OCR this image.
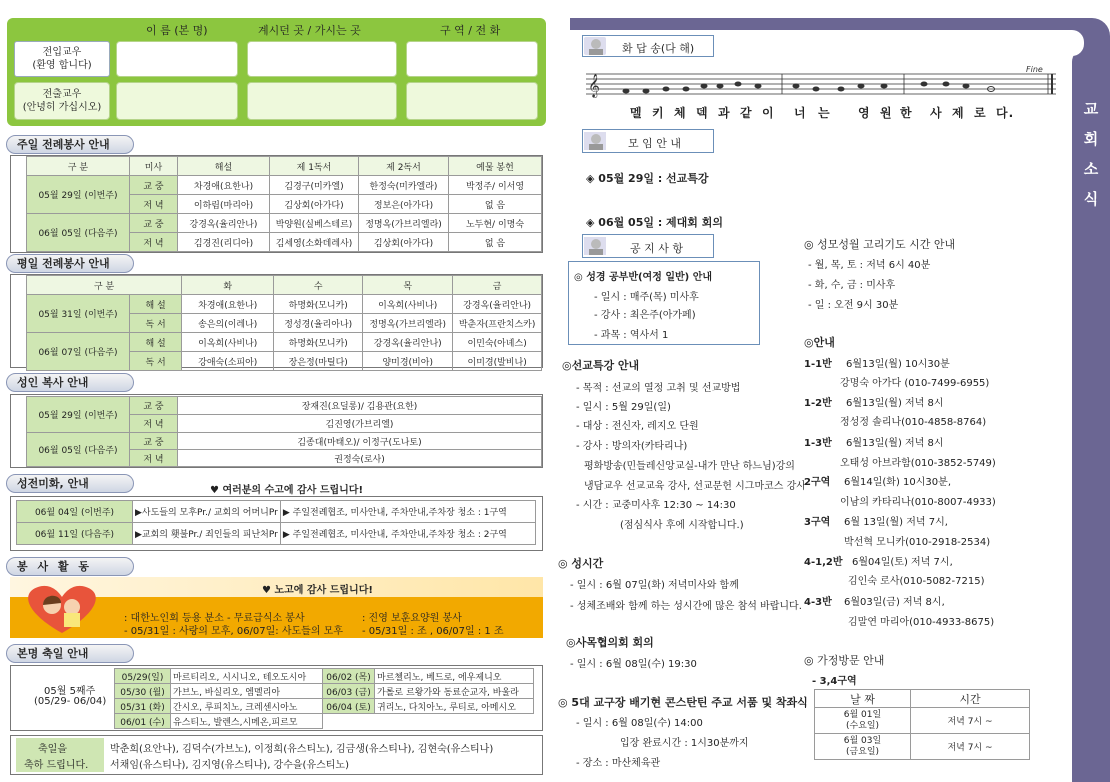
이 름 (본 명)	계시던 곳 / 가시는 곳	구 역 / 전 화
전입교우
(환영 합니다)
전출교우
(안녕히 가십시오)
주일 전례봉사 안내
구 분	미사	해설	제 1독서	제 2독서	예물 봉헌
05월 29일 (이번주)	교 중	차경애(요한나)	김경구(미카엘)	한정숙(미카엘라)	박정주/ 이서영
	저 녁	이하림(마리아)	김상회(아가다)	정보은(아가다)	없 음
06월 05일 (다음주)	교 중	강경옥(율리안나)	박양원(실베스테르)	정명옥(가브리엘라)	노두현/ 이명숙
	저 녁	김경진(리디아)	김세영(소화데레사)	김상회(아가다)	없 음
평일 전례봉사 안내
구 분		화	수	목	금
05월 31일 (이번주)	해 설	차경애(요한나)	하명화(모니카)	이옥희(사비나)	강경옥(율리안나)
	독 서	송은의(이레나)	정성경(율리아나)	정명옥(가브리엘라)	박춘자(프란치스카)
06월 07일 (다음주)	해 설	이옥희(사비나)	하명화(모니카)	강경옥(율리안나)	이민숙(아녜스)
	독 서	강애숙(소피아)	장은정(마틸다)	양미경(비아)	이미경(발비나)
성인 복사 안내
05월 29일 (이번주)	교 중	장재진(요딜롱)/ 김용관(요한)
	저 녁	김진영(가브리엘)
06월 05일 (다음주)	교 중	김종대(마태오)/ 이정구(도나토)
	저 녁	권정숙(로사)
성전미화, 안내
♥ 여러분의 수고에 감사 드립니다!
06월 04일 (이번주)	▶사도들의 모후Pr./ 교회의 어머니Pr	▶ 주일전례협조, 미사안내, 주차안내,주차장 청소 : 1구역
06월 11일 (다음주)	▶교회의 횃불Pr./ 죄인들의 피난처Pr	▶ 주일전례협조, 미사안내, 주차안내,주차장 청소 : 2구역
봉 사 활 동
♥ 노고에 감사 드립니다!
: 대한노인회 등용 분소 - 무료급식소 봉사
- 05/31일 : 사랑의 모후, 06/07일: 사도들의 모후
: 진영 보훈요양원 봉사
- 05/31일 : 조 , 06/07일 : 1 조
본명 축일 안내
05월 5째주
(05/29- 06/04)
05/29(일)	마르티리오, 시시니오, 테오도시아	06/02 (목)	마르첼리노, 베드로, 에우제니오
05/30 (월)	가브노, 바실리오, 엠멜리아	06/03 (금)	가롤로 르왕가와 동료순교자, 바울라
05/31 (화)	간시오, 루피치노, 크레센시아노	06/04 (토)	귀리노, 다치아노, 루티로, 아메시오
06/01 (수)	유스티노, 발렌스,시메온,피르모		
축일을
축하 드립니다.
박춘희(요안나), 김덕수(가브노), 이정희(유스티노), 김금생(유스티나), 김현숙(유스티나)
서채임(유스티나), 김지영(유스티나), 강수을(유스티노)
교
회
소
식
화 답 송(다 해)
𝄞
Fine
멜 키 체 덱 과 같 이 너 는 영 원 한 사 제 로 다.
모 임 안 내
◈ 05월 29일 : 선교특강
◈ 06월 05일 : 제대회 회의
공 지 사 항
◎ 성경 공부반(여정 일반) 안내
- 일시 : 매주(목) 미사후
- 강사 : 최은주(아가페)
- 과목 : 역사서 1
◎선교특강 안내
- 목적 : 선교의 열정 고취 및 선교방법
- 일시 : 5월 29일(일)
- 대상 : 전신자, 레지오 단원
- 강사 : 방의자(카타리나)
평화방송(민들레신앙교실-내가 만난 하느님)강의
냉담교우 선교교육 강사, 선교문헌 시그마코스 강사
- 시간 : 교중미사후 12:30 ~ 14:30
(점심식사 후에 시작합니다.)
◎ 성시간
- 일시 : 6월 07일(화) 저녁미사와 함께
- 성체조배와 함께 하는 성시간에 많은 참석 바랍니다.
◎사목협의회 회의
- 일시 : 6월 08일(수) 19:30
◎ 5대 교구장 배기현 콘스탄틴 주교 서품 및 착좌식
- 일시 : 6월 08일(수) 14:00
입장 완료시간 : 1시30분까지
- 장소 : 마산체육관
◎ 성모성월 고리기도 시간 안내
- 월, 목, 토 : 저녁 6시 40분
- 화, 수, 금 : 미사후
- 일 : 오전 9시 30분
◎안내
1-1반 6월13일(월) 10시30분
강명숙 아가다 (010-7499-6955)
1-2반 6월13일(월) 저녁 8시
정성정 솔리나(010-4858-8764)
1-3반 6월13일(월) 저녁 8시
오태성 아브라함(010-3852-5749)
2구역 6월14일(화) 10시30분,
이남의 카타리나(010-8007-4933)
3구역 6월 13일(월) 저녁 7시,
박선혁 모니카(010-2918-2534)
4-1,2반 6월04일(토) 저녁 7시,
김인숙 로사(010-5082-7215)
4-3반 6월03일(금) 저녁 8시,
김말연 마리아(010-4933-8675)
◎ 가정방문 안내
- 3,4구역
날 짜	시간

6월 01일
(수요일)	저녁 7시 ~

6월 03일
(금요일)	저녁 7시 ~
